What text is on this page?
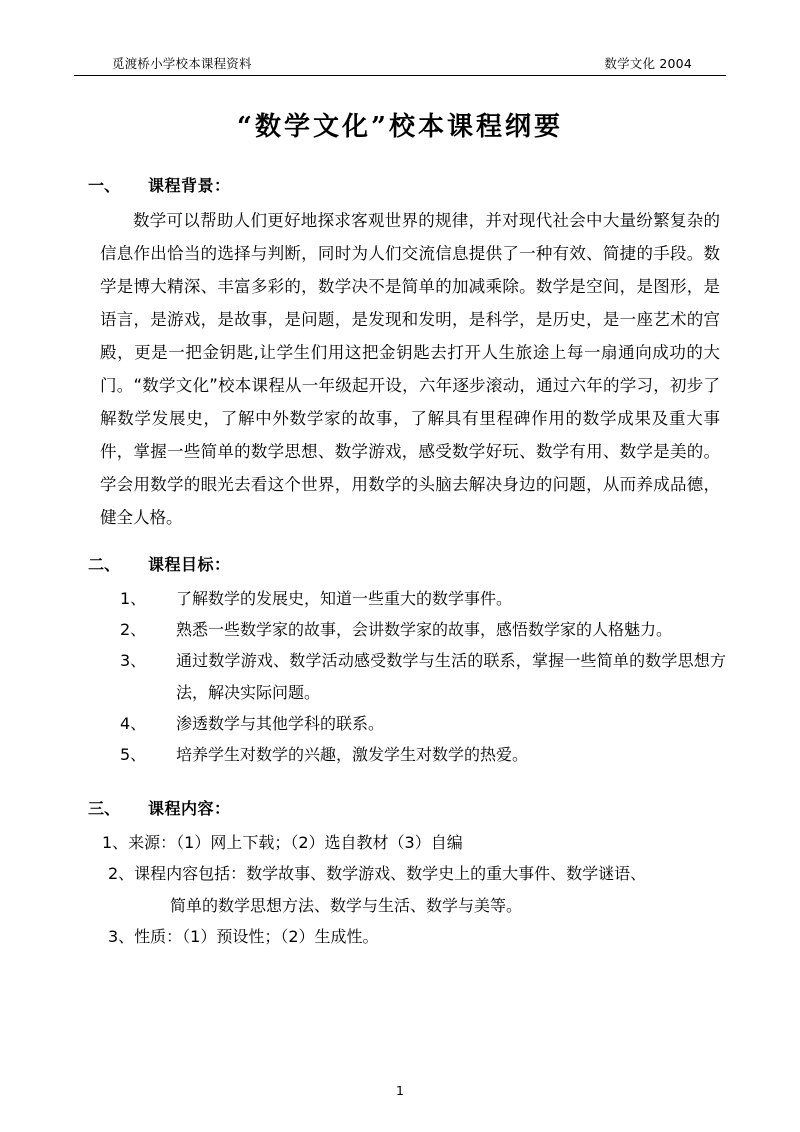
觅渡桥小学校本课程资料	数学文化 2004
“数学文化”校本课程纲要
一、	课程背景：

数学可以帮助人们更好地探求客观世界的规律，并对现代社会中大量纷繁复杂的信息作出恰当的选择与判断，同时为人们交流信息提供了一种有效、简捷的手段。数学是博大精深、丰富多彩的，数学决不是简单的加减乘除。数学是空间，是图形，是语言，是游戏，是故事，是问题，是发现和发明，是科学，是历史，是一座艺术的宫殿，更是一把金钥匙,让学生们用这把金钥匙去打开人生旅途上每一扇通向成功的大门。“数学文化”校本课程从一年级起开设，六年逐步滚动，通过六年的学习，初步了解数学发展史，了解中外数学家的故事，了解具有里程碑作用的数学成果及重大事件，掌握一些简单的数学思想、数学游戏，感受数学好玩、数学有用、数学是美的。学会用数学的眼光去看这个世界，用数学的头脑去解决身边的问题，从而养成品德，健全人格。

二、	课程目标：
1、	了解数学的发展史，知道一些重大的数学事件。
2、	熟悉一些数学家的故事，会讲数学家的故事，感悟数学家的人格魅力。
3、	通过数学游戏、数学活动感受数学与生活的联系，掌握一些简单的数学思想方法，解决实际问题。
4、	渗透数学与其他学科的联系。
5、	培养学生对数学的兴趣，激发学生对数学的热爱。
三、	课程内容：
1、来源：（1）网上下载；（2）选自教材（3）自编
2、课程内容包括：数学故事、数学游戏、数学史上的重大事件、数学谜语、
简单的数学思想方法、数学与生活、数学与美等。
3、性质：（1）预设性；（2）生成性。
1
